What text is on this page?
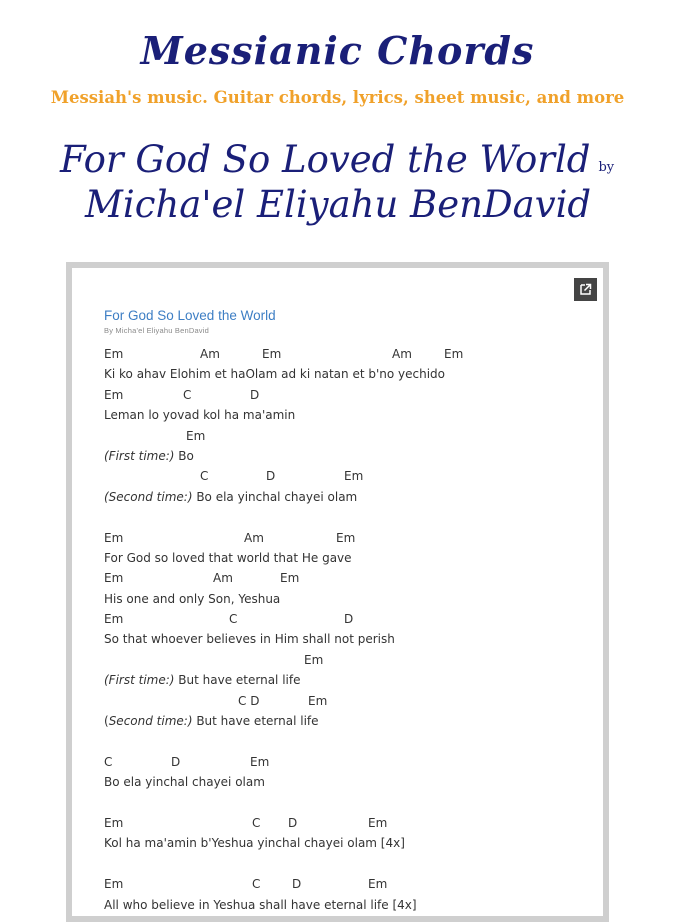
Messianic Chords

Messiah's music. Guitar chords, lyrics, sheet music, and more

For God So Loved the World by
Micha'el Eliyahu BenDavid
For God So Loved the World

By Micha'el Eliyahu BenDavid

Em	Am	Em	Am	Em
Ki ko ahav Elohim et haOlam ad ki natan et b'no yechido
Em	C	D
Leman lo yovad kol ha ma'amin
Em
(First time:) Bo
C	D	Em
(Second time:) Bo ela yinchal chayei olam
Em	Am	Em
For God so loved that world that He gave
Em	Am	Em
His one and only Son, Yeshua
Em	C	D
So that whoever believes in Him shall not perish
Em
(First time:) But have eternal life
C D	Em
(Second time:) But have eternal life
C	D	Em
Bo ela yinchal chayei olam
Em	C D	Em
Kol ha ma'amin b'Yeshua yinchal chayei olam [4x]
Em	C	D	Em
All who believe in Yeshua shall have eternal life [4x]
